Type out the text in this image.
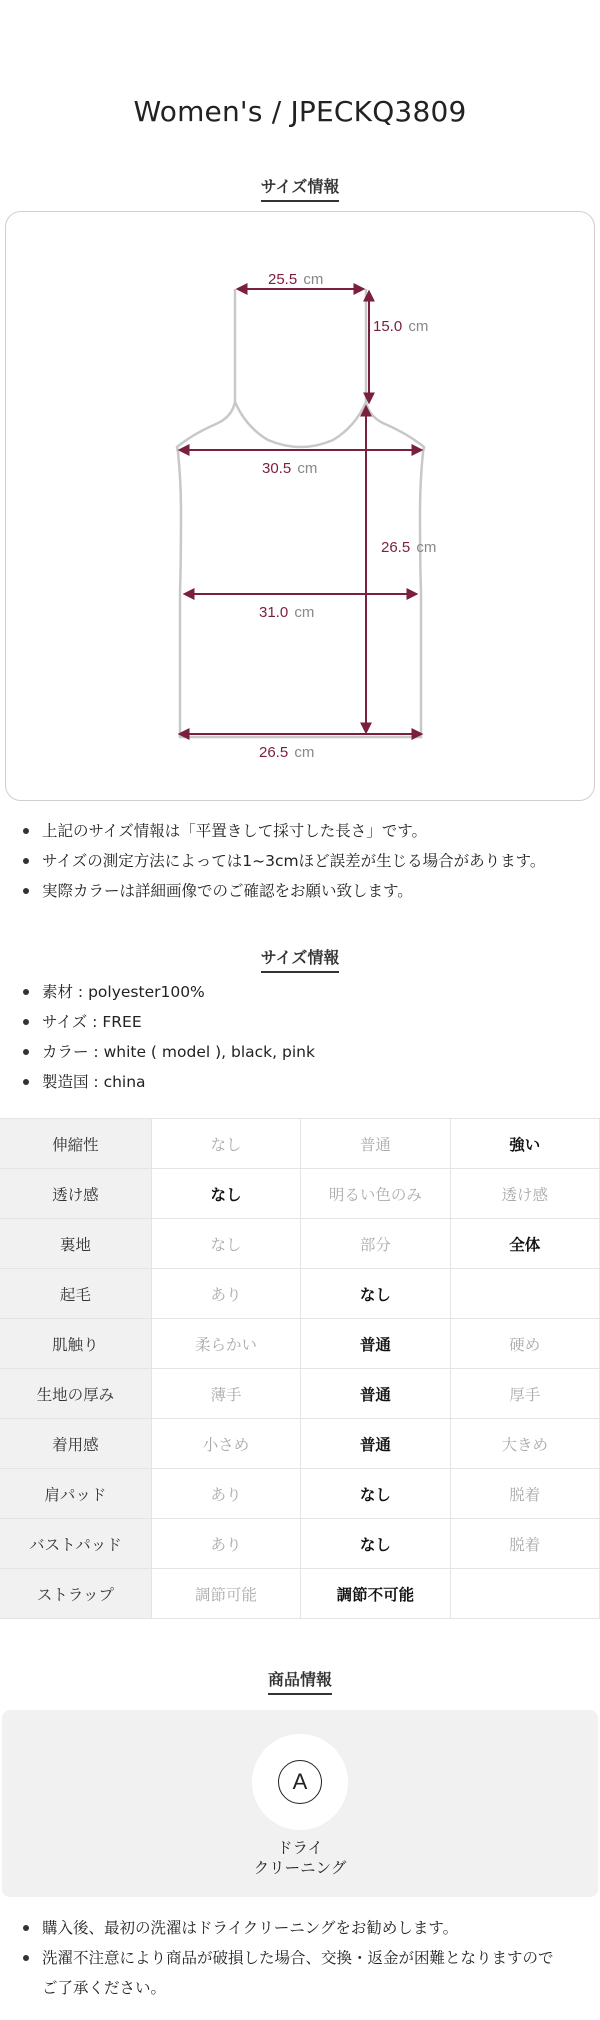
Women's / JPECKQ3809
サイズ情報
25.5 cm
15.0 cm
30.5 cm
26.5 cm
31.0 cm
26.5 cm
上記のサイズ情報は「平置きして採寸した長さ」です。
サイズの測定方法によっては1~3cmほど誤差が生じる場合があります。
実際カラーは詳細画像でのご確認をお願い致します。
サイズ情報
素材 : polyester100%
サイズ : FREE
カラー : white ( model ), black, pink
製造国 : china
伸縮性	なし	普通	強い
透け感	なし	明るい色のみ	透け感
裏地	なし	部分	全体
起毛	あり	なし	
肌触り	柔らかい	普通	硬め
生地の厚み	薄手	普通	厚手
着用感	小さめ	普通	大きめ
肩パッド	あり	なし	脱着
バストパッド	あり	なし	脱着
ストラップ	調節可能	調節不可能	
商品情報
A
ドライ
クリーニング
購入後、最初の洗濯はドライクリーニングをお勧めします。
洗濯不注意により商品が破損した場合、交換・返金が困難となりますので
ご了承ください。
